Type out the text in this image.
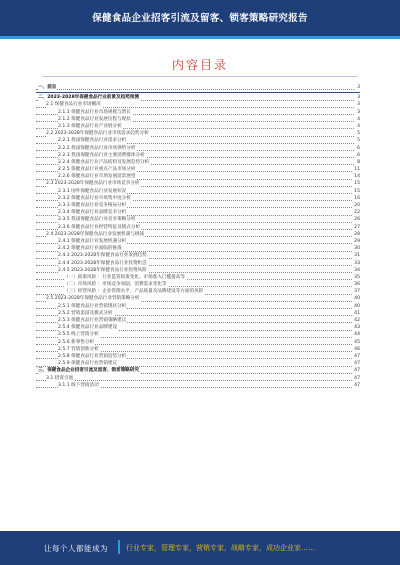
保健食品企业招客引流及留客、锁客策略研究报告
内容目录
一、前言	3
二、2023-2028年保健食品行业前景及趋势预测	3
2.1 保健食品行业市场概况	3
2.1.1 保健食品行业市场规模与增长	3
2.1.2 保健食品行业发展历程与现状	4
2.1.3 保健食品行业产业链分析	4
2.2 2023-2028年保健食品行业市场需求趋势分析	5
2.2.1 我国保健食品行业需求分析	5
2.2.2 我国保健食品行业市场供给分析	6
2.2.3 我国保健食品行业主要消费群体分析	6
2.2.4 保健食品行业产品结构及发展趋势分析	8
2.2.5 保健食品行业重点产品市场分析	11
2.2.6 保健食品行业市场发展前景展望	14
2.3 2023-2028年保健食品行业市场竞争分析	15
2.3.1 国外保健食品行业发展状况	15
2.3.2 保健食品行业市场集中度分析	16
2.3.3 保健食品行业竞争格局分析	20
2.3.4 保健食品行业品牌竞争分析	22
2.3.5 我国保健食品行业竞争策略分析	26
2.3.6 保健食品行业经营特征及模式分析	27
2.4 2023-2028年保健食品行业发展机遇与挑战	28
2.4.1 保健食品行业发展机遇分析	29
2.4.2 保健食品行业面临的挑战	30
2.4.3 2023-2028年保健食品行业发展趋势	31
2.4.4 2023-2028年保健食品行业投资机会	33
2.4.5 2023-2028年保健食品行业投资风险	34
（一）政策风险 ：行业监管政策变化、市场准入门槛提高等	35
（二）市场风险 ：市场竞争加剧、消费需求变化等	36
（三）经营风险 ：企业管理水平、产品质量及品牌建设等方面的风险	37
2.5 2023-2028年保健食品行业营销策略分析	40
2.5.1 保健食品行业营销现状分析	40
2.5.2 营销渠道及模式分析	41
2.5.3 保健食品行业营销策略建议	42
2.5.4 保健食品行业品牌建设	43
2.5.5 线上营销分析	44
2.5.6 新零售分析	45
2.5.7 营销创新分析	46
2.5.8 保健食品行业营销趋势分析	47
2.5.9 保健食品行业营销建议	47
三、保健食品企业招客引流及留客、锁客策略研究	47
3.1 招客引流	47
3.1.1 线下营销活动	47
让每个人都能成为	行业专家，管理专家，营销专家，战略专家，成功企业家……
